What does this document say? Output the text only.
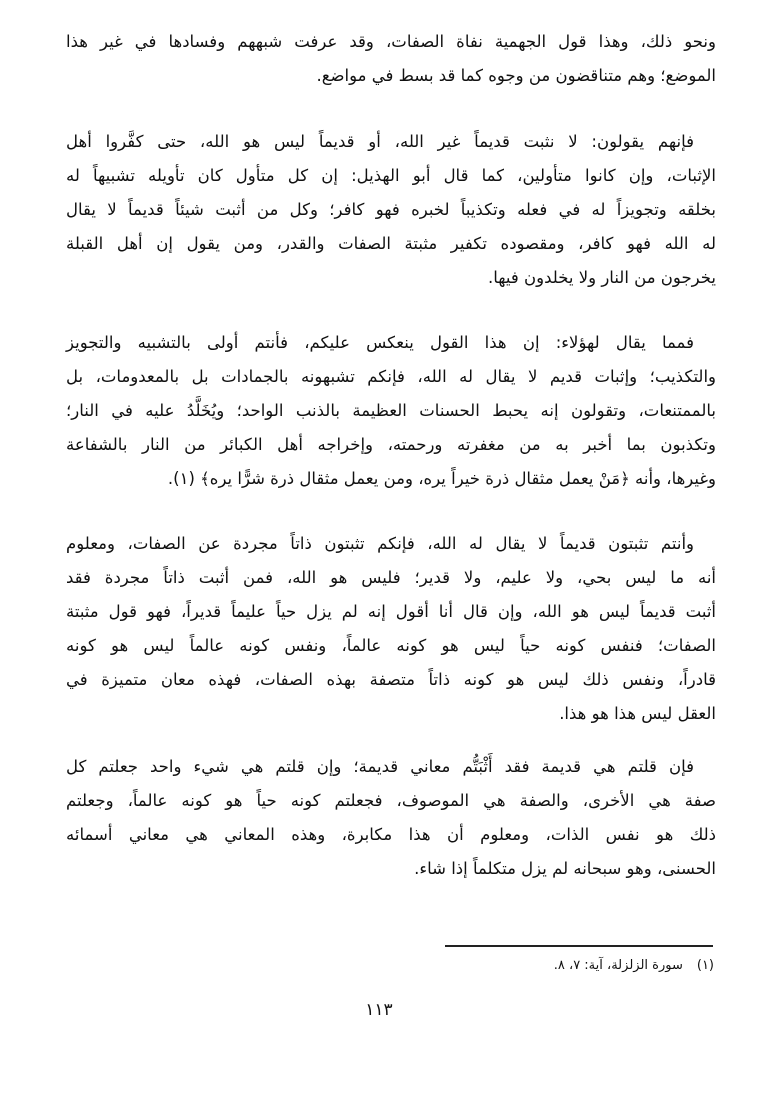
ونحو ذلك، وهذا قول الجهمية نفاة الصفات، وقد عرفت شبههم وفسادها في غير هذا
الموضع؛ وهم متناقضون من وجوه كما قد بسط في مواضع.
فإنهم يقولون: لا نثبت قديماً غير الله، أو قديماً ليس هو الله، حتى كفَّروا أهل
الإثبات، وإن كانوا متأولين، كما قال أبو الهذيل: إن كل متأول كان تأويله تشبيهاً له
بخلقه وتجويزاً له في فعله وتكذيباً لخبره فهو كافر؛ وكل من أثبت شيئاً قديماً لا يقال
له الله فهو كافر، ومقصوده تكفير مثبتة الصفات والقدر، ومن يقول إن أهل القبلة
يخرجون من النار ولا يخلدون فيها.
فمما يقال لهؤلاء: إن هذا القول ينعكس عليكم، فأنتم أولى بالتشبيه والتجويز
والتكذيب؛ وإثبات قديم لا يقال له الله، فإنكم تشبهونه بالجمادات بل بالمعدومات، بل
بالممتنعات، وتقولون إنه يحبط الحسنات العظيمة بالذنب الواحد؛ ويُخَلَّدُ عليه في النار؛
وتكذبون بما أخبر به من مغفرته ورحمته، وإخراجه أهل الكبائر من النار بالشفاعة
وغيرها، وأنه ﴿مَنْ يعمل مثقال ذرة خيراً يره، ومن يعمل مثقال ذرة شرًّا يره﴾ (١).
وأنتم تثبتون قديماً لا يقال له الله، فإنكم تثبتون ذاتاً مجردة عن الصفات، ومعلوم
أنه ما ليس بحي، ولا عليم، ولا قدير؛ فليس هو الله، فمن أثبت ذاتاً مجردة فقد
أثبت قديماً ليس هو الله، وإن قال أنا أقول إنه لم يزل حياً عليماً قديراً، فهو قول مثبتة
الصفات؛ فنفس كونه حياً ليس هو كونه عالماً، ونفس كونه عالماً ليس هو كونه
قادراً، ونفس ذلك ليس هو كونه ذاتاً متصفة بهذه الصفات، فهذه معان متميزة في
العقل ليس هذا هو هذا.
فإن قلتم هي قديمة فقد أَثْبَتُّم معاني قديمة؛ وإن قلتم هي شيء واحد جعلتم كل
صفة هي الأخرى، والصفة هي الموصوف، فجعلتم كونه حياً هو كونه عالماً، وجعلتم
ذلك هو نفس الذات، ومعلوم أن هذا مكابرة، وهذه المعاني هي معاني أسمائه
الحسنى، وهو سبحانه لم يزل متكلماً إذا شاء.
(١)سورة الزلزلة، آية: ٧، ٨.
١١٣
